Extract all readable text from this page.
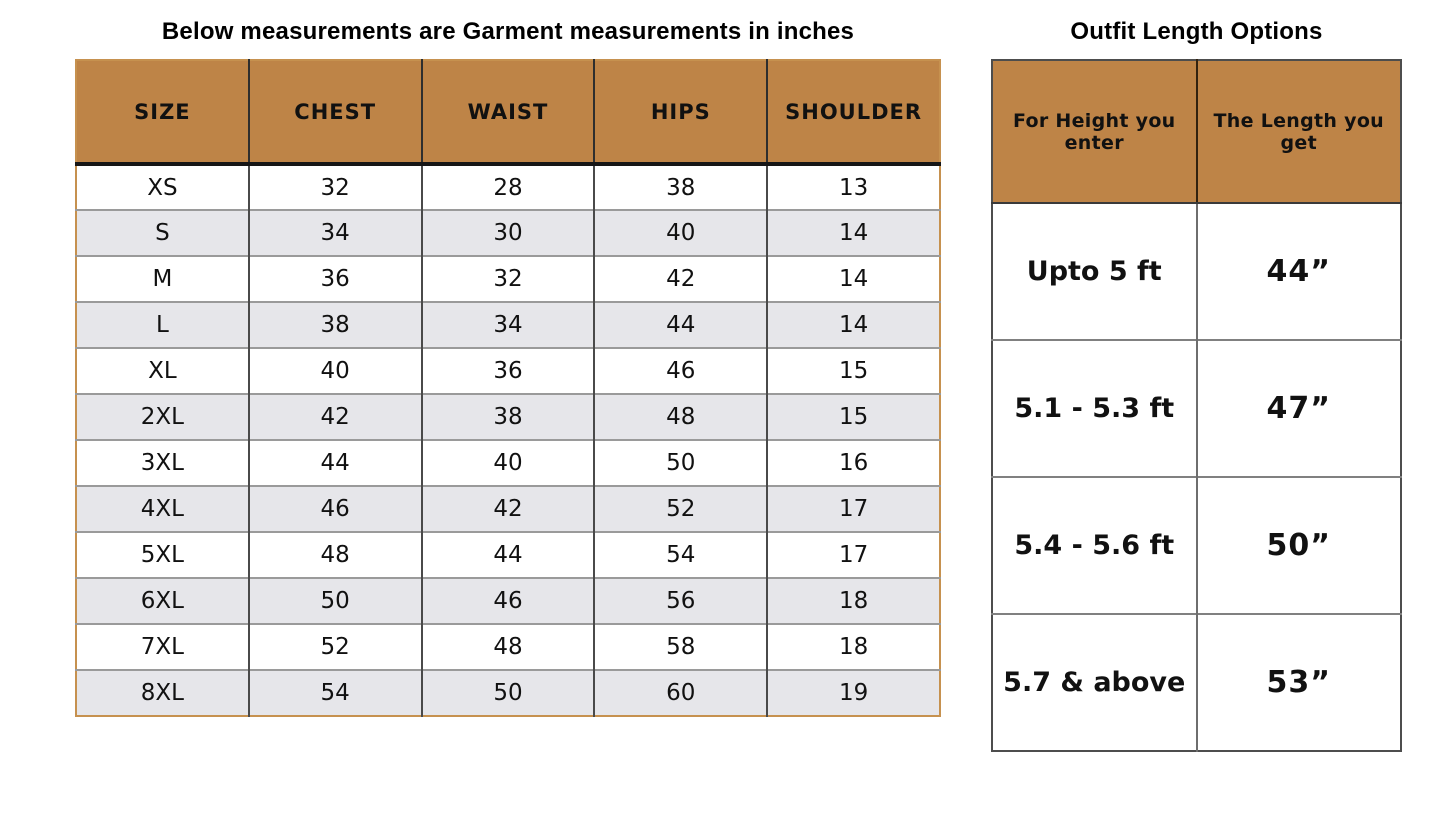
Below measurements are Garment measurements in inches
SIZE	CHEST	WAIST	HIPS	SHOULDER
XS	32	28	38	13
S	34	30	40	14
M	36	32	42	14
L	38	34	44	14
XL	40	36	46	15
2XL	42	38	48	15
3XL	44	40	50	16
4XL	46	42	52	17
5XL	48	44	54	17
6XL	50	46	56	18
7XL	52	48	58	18
8XL	54	50	60	19
Outfit Length Options
For Height you enter	The Length you get
Upto 5 ft	44”
5.1 - 5.3 ft	47”
5.4 - 5.6 ft	50”
5.7 & above	53”
